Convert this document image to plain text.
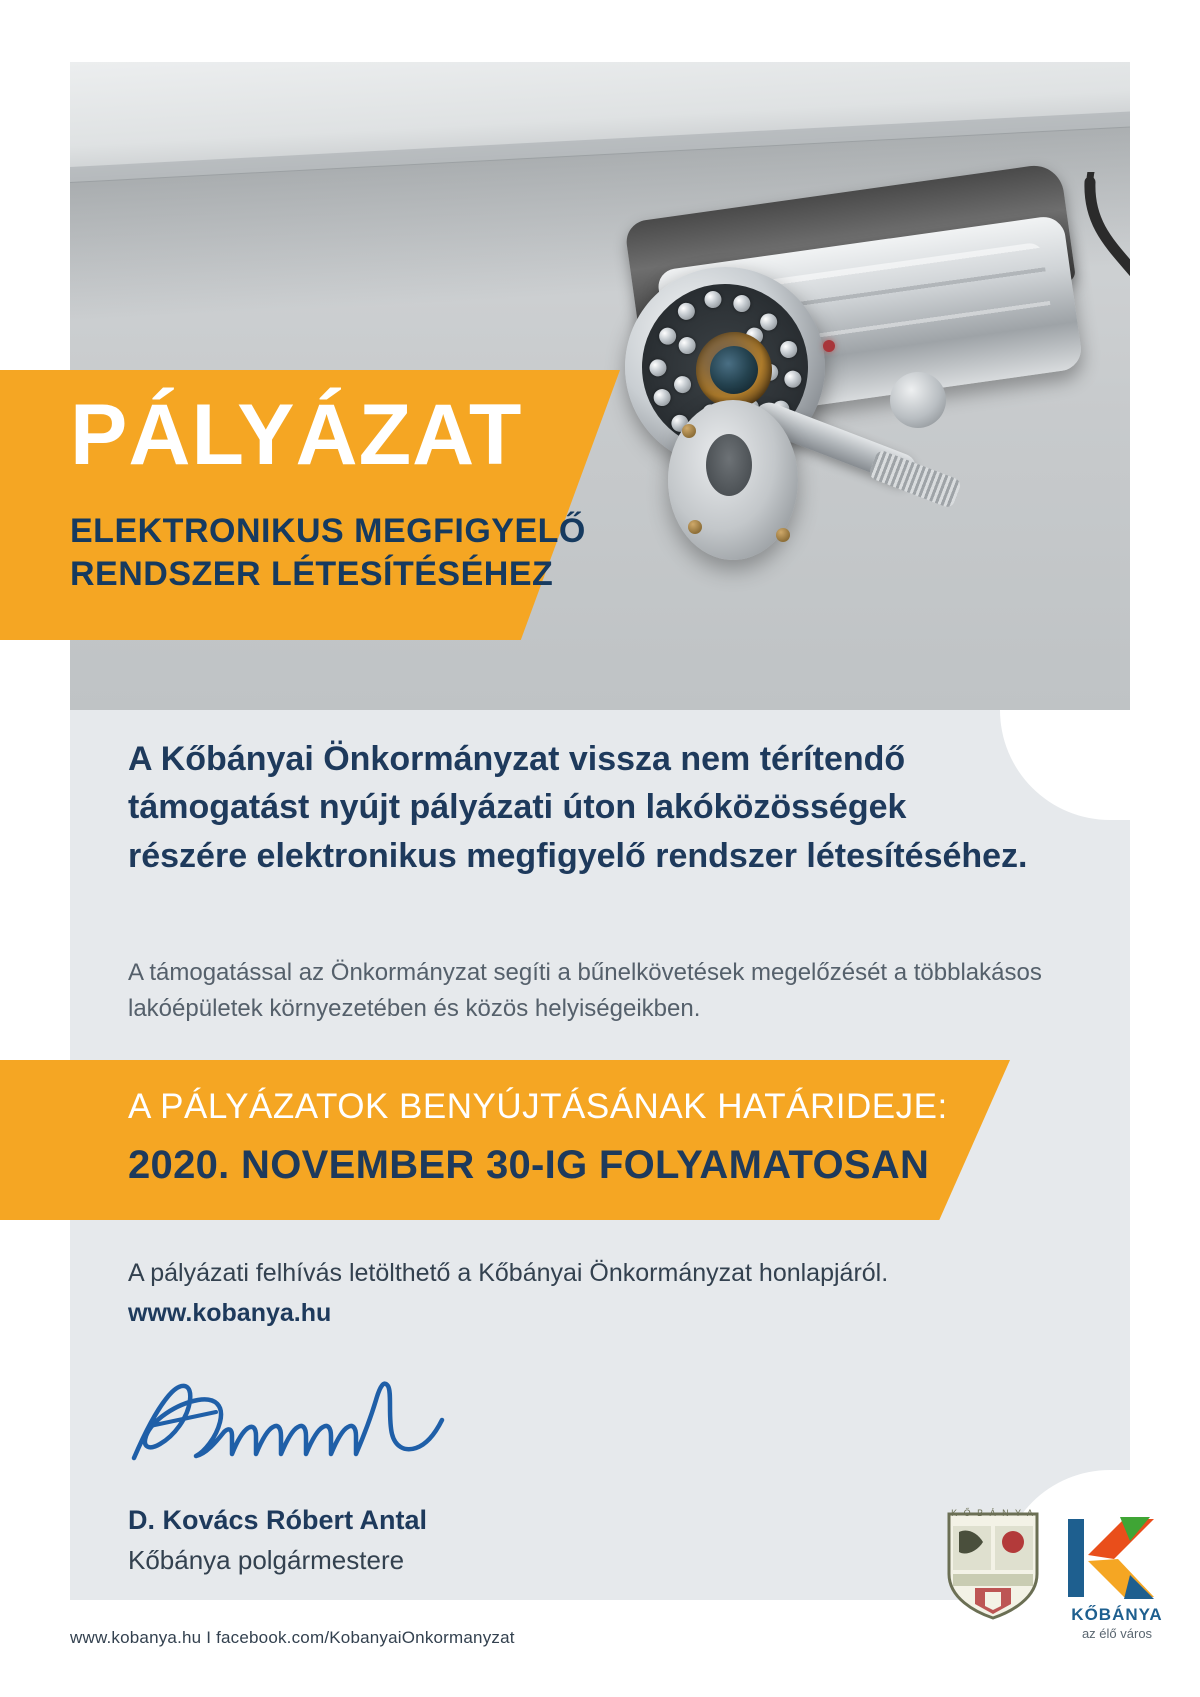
PÁLYÁZAT
ELEKTRONIKUS MEGFIGYELŐ
RENDSZER LÉTESÍTÉSÉHEZ
A Kőbányai Önkormányzat vissza nem térítendő támogatást nyújt pályázati úton lakóközösségek részére elektronikus megfigyelő rendszer létesítéséhez.
A támogatással az Önkormányzat segíti a bűnelkövetések megelőzését a többlakásos lakóépületek környezetében és közös helyiségeikben.
A PÁLYÁZATOK BENYÚJTÁSÁNAK HATÁRIDEJE:
2020. NOVEMBER 30-IG FOLYAMATOSAN
A pályázati felhívás letölthető a Kőbányai Önkormányzat honlapjáról.
www.kobanya.hu
D. Kovács Róbert Antal
Kőbánya polgármestere
www.kobanya.hu I facebook.com/KobanyaiOnkormanyzat
K Ő B Á N Y A
KŐBÁNYA
az élő város
